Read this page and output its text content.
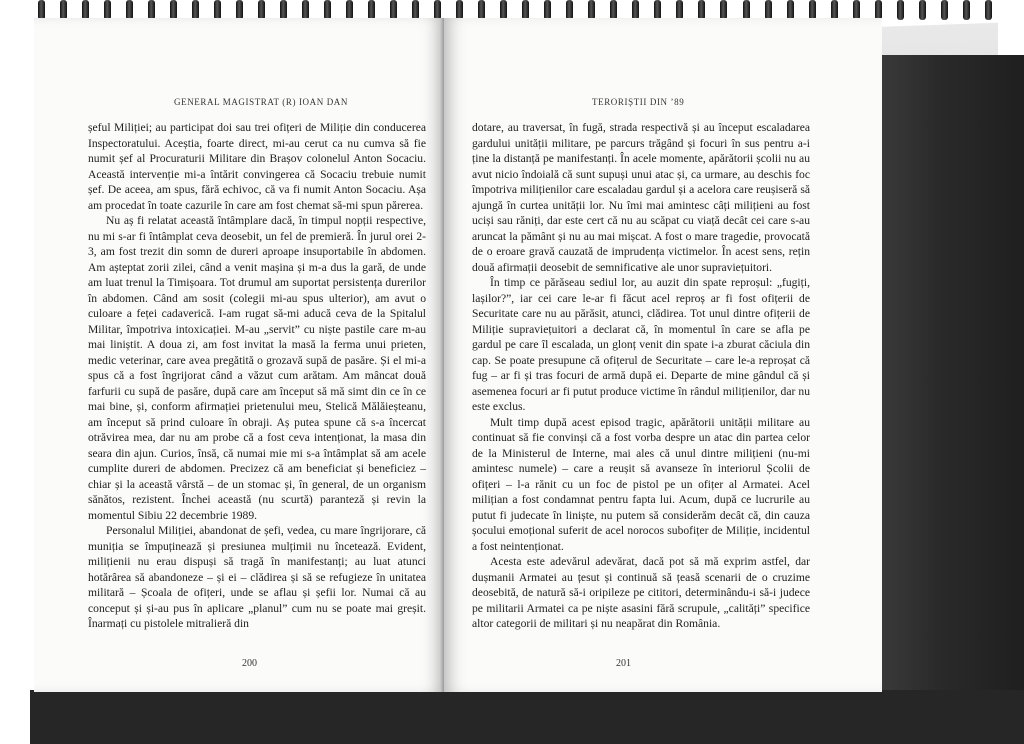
GENERAL MAGISTRAT (R) IOAN DAN

șeful Miliției; au participat doi sau trei ofițeri de Miliție din conducerea Inspectoratului. Aceștia, foarte direct, mi-au cerut ca nu cumva să fie numit șef al Procuraturii Militare din Brașov colonelul Anton Socaciu. Această intervenție mi-a întărit convingerea că Socaciu trebuie numit șef. De aceea, am spus, fără echivoc, că va fi numit Anton Socaciu. Așa am procedat în toate cazurile în care am fost chemat să-mi spun părerea.

Nu aș fi relatat această întâmplare dacă, în timpul nopții respective, nu mi s-ar fi întâmplat ceva deosebit, un fel de premieră. În jurul orei 2-3, am fost trezit din somn de dureri aproape insuportabile în abdomen. Am așteptat zorii zilei, când a venit mașina și m-a dus la gară, de unde am luat trenul la Timișoara. Tot drumul am suportat persistența durerilor în abdomen. Când am sosit (colegii mi-au spus ulterior), am avut o culoare a feței cadaverică. I-am rugat să-mi aducă ceva de la Spitalul Militar, împotriva intoxicației. M-au „servit” cu niște pastile care m-au mai liniștit. A doua zi, am fost invitat la masă la ferma unui prieten, medic veterinar, care avea pregătită o grozavă supă de pasăre. Și el mi-a spus că a fost îngrijorat când a văzut cum arătam. Am mâncat două farfurii cu supă de pasăre, după care am început să mă simt din ce în ce mai bine, și, conform afirmației prietenului meu, Stelică Mălăieșteanu, am început să prind culoare în obraji. Aș putea spune că s-a încercat otrăvirea mea, dar nu am probe că a fost ceva intenționat, la masa din seara din ajun. Curios, însă, că numai mie mi s-a întâmplat să am acele cumplite dureri de abdomen. Precizez că am beneficiat și beneficiez – chiar și la această vârstă – de un stomac și, în general, de un organism sănătos, rezistent. Închei această (nu scurtă) paranteză și revin la momentul Sibiu 22 decembrie 1989.

Personalul Miliției, abandonat de șefi, vedea, cu mare îngrijorare, că muniția se împuținează și presiunea mulțimii nu încetează. Evident, milițienii nu erau dispuși să tragă în manifestanți; au luat atunci hotărârea să abandoneze – și ei – clădirea și să se refugieze în unitatea militară – Școala de ofițeri, unde se aflau și șefii lor. Numai că au conceput și și-au pus în aplicare „planul” cum nu se poate mai greșit. Înarmați cu pistolele mitralieră din

200
TERORIȘTII DIN ’89

dotare, au traversat, în fugă, strada respectivă și au început escaladarea gardului unității militare, pe parcurs trăgând și focuri în sus pentru a-i ține la distanță pe manifestanți. În acele momente, apărătorii școlii nu au avut nicio îndoială că sunt supuși unui atac și, ca urmare, au deschis foc împotriva milițienilor care escaladau gardul și a acelora care reușiseră să ajungă în curtea unității lor. Nu îmi mai amintesc câți milițieni au fost uciși sau răniți, dar este cert că nu au scăpat cu viață decât cei care s-au aruncat la pământ și nu au mai mișcat. A fost o mare tragedie, provocată de o eroare gravă cauzată de imprudența victimelor. În acest sens, rețin două afirmații deosebit de semnificative ale unor supraviețuitori.

În timp ce părăseau sediul lor, au auzit din spate reproșul: „fugiți, lașilor?”, iar cei care le-ar fi făcut acel reproș ar fi fost ofițerii de Securitate care nu au părăsit, atunci, clădirea. Tot unul dintre ofițerii de Miliție supraviețuitori a declarat că, în momentul în care se afla pe gardul pe care îl escalada, un glonț venit din spate i-a zburat căciula din cap. Se poate presupune că ofițerul de Securitate – care le-a reproșat că fug – ar fi și tras focuri de armă după ei. Departe de mine gândul că și asemenea focuri ar fi putut produce victime în rândul milițienilor, dar nu este exclus.

Mult timp după acest episod tragic, apărătorii unității militare au continuat să fie convinși că a fost vorba despre un atac din partea celor de la Ministerul de Interne, mai ales că unul dintre milițieni (nu-mi amintesc numele) – care a reușit să avanseze în interiorul Școlii de ofițeri – l-a rănit cu un foc de pistol pe un ofițer al Armatei. Acel milițian a fost condamnat pentru fapta lui. Acum, după ce lucrurile au putut fi judecate în liniște, nu putem să considerăm decât că, din cauza șocului emoțional suferit de acel norocos subofițer de Miliție, incidentul a fost neintenționat.

Acesta este adevărul adevărat, dacă pot să mă exprim astfel, dar dușmanii Armatei au țesut și continuă să țeasă scenarii de o cruzime deosebită, de natură să-i oripileze pe cititori, determinându-i să-i judece pe militarii Armatei ca pe niște asasini fără scrupule, „calități” specifice altor categorii de militari și nu neapărat din România.

201
